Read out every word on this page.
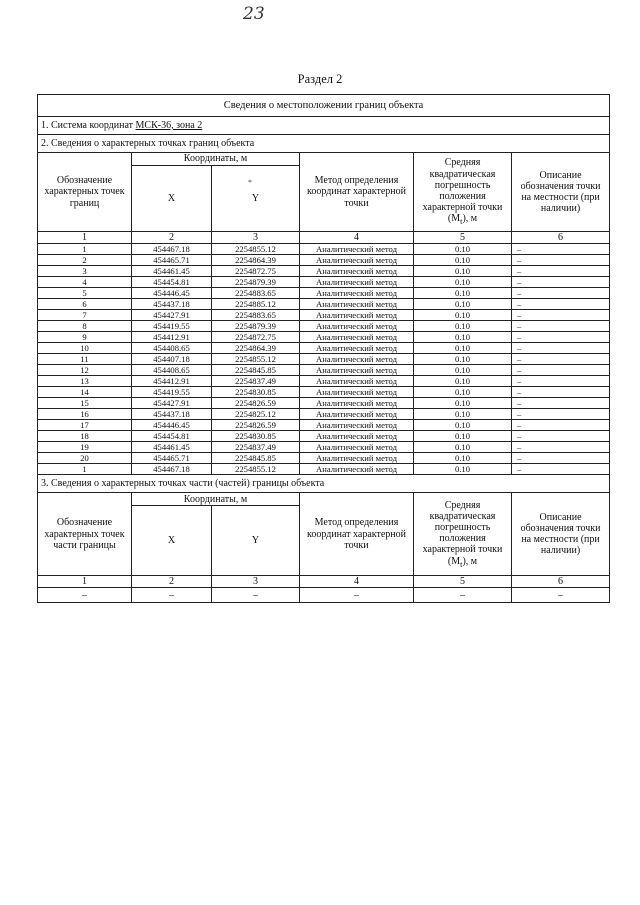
23
Раздел 2
*
Сведения о местоположении границ объекта					
1. Система координат МСК-36, зона 2					
2. Сведения о характерных точках границ объекта					
Обозначение характерных точек границ	Координаты, м		Метод определения координат характерной точки	Средняя квадратическая погрешность положения характерной точки $(M_t)$, м	Описание обозначения точки на местности (при наличии)
	X	Y			
1	2	3	4	5	6
1	454467.18	2254855.12	Аналитический метод	0.10	–
2	454465.71	2254864.39	Аналитический метод	0.10	–
3	454461.45	2254872.75	Аналитический метод	0.10	–
4	454454.81	2254879.39	Аналитический метод	0.10	–
5	454446.45	2254883.65	Аналитический метод	0.10	–
6	454437.18	2254885.12	Аналитический метод	0.10	–
7	454427.91	2254883.65	Аналитический метод	0.10	–
8	454419.55	2254879.39	Аналитический метод	0.10	–
9	454412.91	2254872.75	Аналитический метод	0.10	–
10	454408.65	2254864.39	Аналитический метод	0.10	–
11	454407.18	2254855.12	Аналитический метод	0.10	–
12	454408.65	2254845.85	Аналитический метод	0.10	–
13	454412.91	2254837.49	Аналитический метод	0.10	–
14	454419.55	2254830.85	Аналитический метод	0.10	–
15	454427.91	2254826.59	Аналитический метод	0.10	–
16	454437.18	2254825.12	Аналитический метод	0.10	–
17	454446.45	2254826.59	Аналитический метод	0.10	–
18	454454.81	2254830.85	Аналитический метод	0.10	–
19	454461.45	2254837.49	Аналитический метод	0.10	–
20	454465.71	2254845.85	Аналитический метод	0.10	–
1	454467.18	2254855.12	Аналитический метод	0.10	–
3. Сведения о характерных точках части (частей) границы объекта					
Обозначение характерных точек части границы	Координаты, м		Метод определения координат характерной точки	Средняя квадратическая погрешность положения характерной точки $(M_t)$, м	Описание обозначения точки на местности (при наличии)
	X	Y			
1	2	3	4	5	6
–	–	–	–	–	–
